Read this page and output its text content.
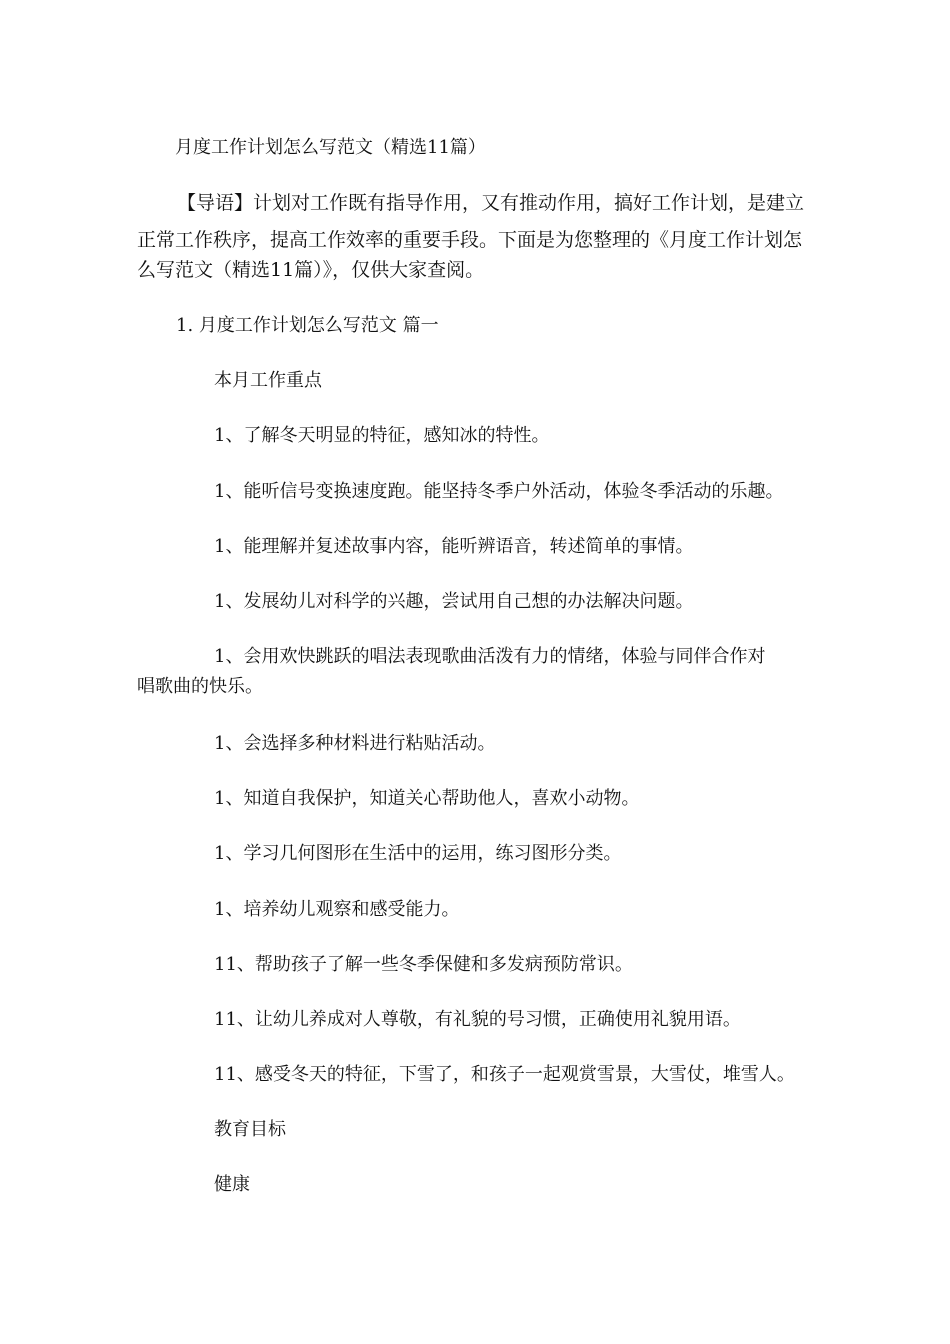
月度工作计划怎么写范文（精选11篇）

【导语】计划对工作既有指导作用，又有推动作用，搞好工作计划，是建立

正常工作秩序，提高工作效率的重要手段。下面是为您整理的《月度工作计划怎

么写范文（精选11篇）》，仅供大家查阅。

1. 月度工作计划怎么写范文 篇一

本月工作重点

1、了解冬天明显的特征，感知冰的特性。

1、能听信号变换速度跑。能坚持冬季户外活动，体验冬季活动的乐趣。

1、能理解并复述故事内容，能听辨语音，转述简单的事情。

1、发展幼儿对科学的兴趣，尝试用自己想的办法解决问题。

1、会用欢快跳跃的唱法表现歌曲活泼有力的情绪，体验与同伴合作对

唱歌曲的快乐。

1、会选择多种材料进行粘贴活动。

1、知道自我保护，知道关心帮助他人，喜欢小动物。

1、学习几何图形在生活中的运用，练习图形分类。

1、培养幼儿观察和感受能力。

11、帮助孩子了解一些冬季保健和多发病预防常识。

11、让幼儿养成对人尊敬，有礼貌的号习惯，正确使用礼貌用语。

11、感受冬天的特征，下雪了，和孩子一起观赏雪景，大雪仗，堆雪人。

教育目标

健康
